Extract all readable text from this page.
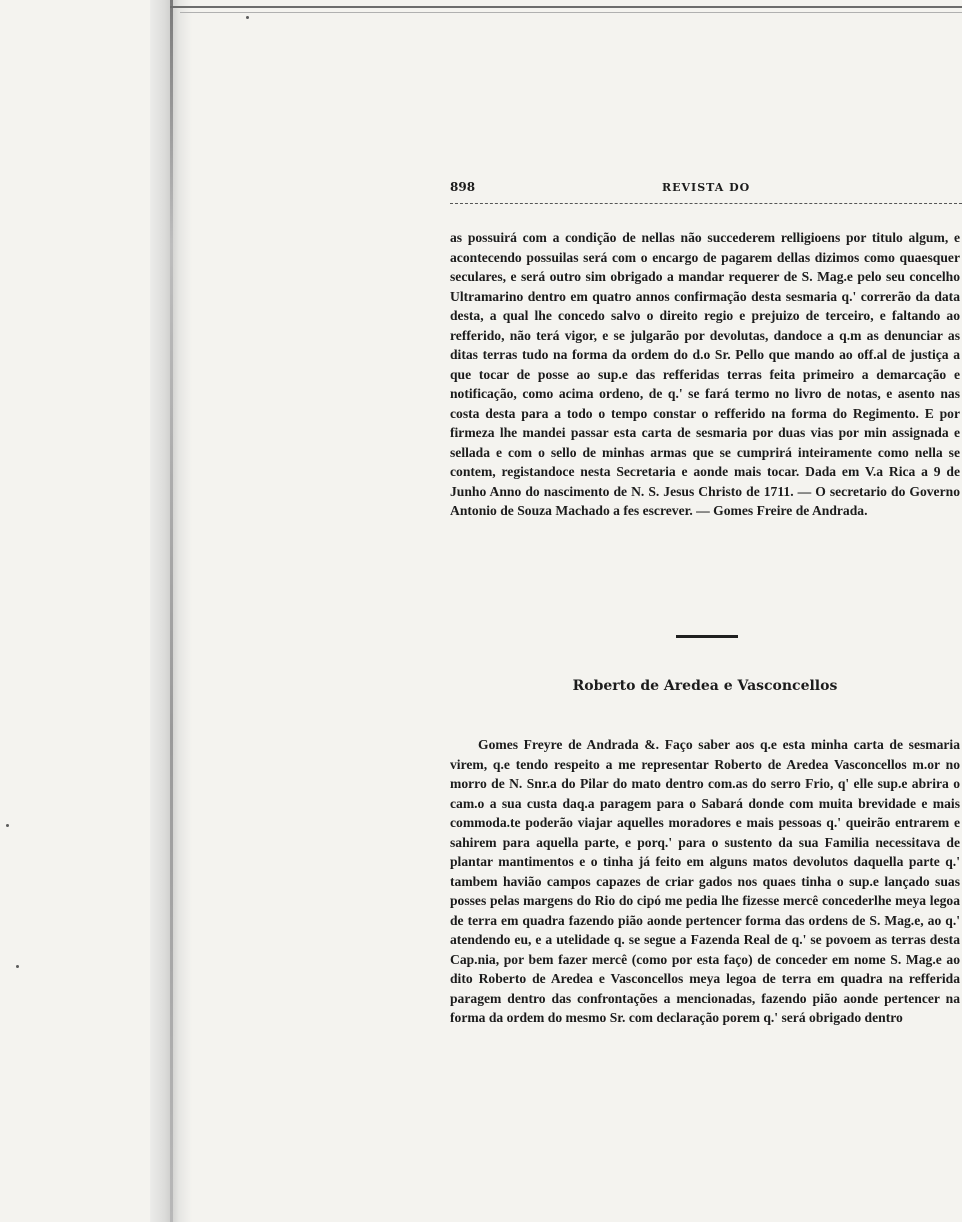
898	REVISTA DO
as possuirá com a condição de nellas não succederem relligioens por titulo algum, e acontecendo possuilas será com o encargo de pagarem dellas dizimos como quaesquer seculares, e será outro sim obrigado a mandar requerer de S. Mag.e pelo seu concelho Ultramarino dentro em quatro annos confirmação desta sesmaria q.' correrão da data desta, a qual lhe concedo salvo o direito regio e prejuizo de terceiro, e faltando ao refferido, não terá vigor, e se julgarão por devolutas, dandoce a q.m as denunciar as ditas terras tudo na forma da ordem do d.o Sr. Pello que mando ao off.al de justiça a que tocar de posse ao sup.e das refferidas terras feita primeiro a demarcação e notificação, como acima ordeno, de q.' se fará termo no livro de notas, e asento nas costa desta para a todo o tempo constar o refferido na forma do Regimento. E por firmeza lhe mandei passar esta carta de sesmaria por duas vias por min assignada e sellada e com o sello de minhas armas que se cumprirá inteiramente como nella se contem, registandoce nesta Secretaria e aonde mais tocar. Dada em V.a Rica a 9 de Junho Anno do nascimento de N. S. Jesus Christo de 1711. — O secretario do Governo Antonio de Souza Machado a fes escrever. — Gomes Freire de Andrada.
Roberto de Aredea e Vasconcellos
Gomes Freyre de Andrada &. Faço saber aos q.e esta minha carta de sesmaria virem, q.e tendo respeito a me representar Roberto de Aredea Vasconcellos m.or no morro de N. Snr.a do Pilar do mato dentro com.as do serro Frio, q' elle sup.e abrira o cam.o a sua custa daq.a paragem para o Sabará donde com muita brevidade e mais commoda.te poderão viajar aquelles moradores e mais pessoas q.' queirão entrarem e sahirem para aquella parte, e porq.' para o sustento da sua Familia necessitava de plantar mantimentos e o tinha já feito em alguns matos devolutos daquella parte q.' tambem havião campos capazes de criar gados nos quaes tinha o sup.e lançado suas posses pelas margens do Rio do cipó me pedia lhe fizesse mercê concederlhe meya legoa de terra em quadra fazendo pião aonde pertencer forma das ordens de S. Mag.e, ao q.' atendendo eu, e a utelidade q. se segue a Fazenda Real de q.' se povoem as terras desta Cap.nia, por bem fazer mercê (como por esta faço) de conceder em nome S. Mag.e ao dito Roberto de Aredea e Vasconcellos meya legoa de terra em quadra na refferida paragem dentro das confrontações a mencionadas, fazendo pião aonde pertencer na forma da ordem do mesmo Sr. com declaração porem q.' será obrigado dentro
